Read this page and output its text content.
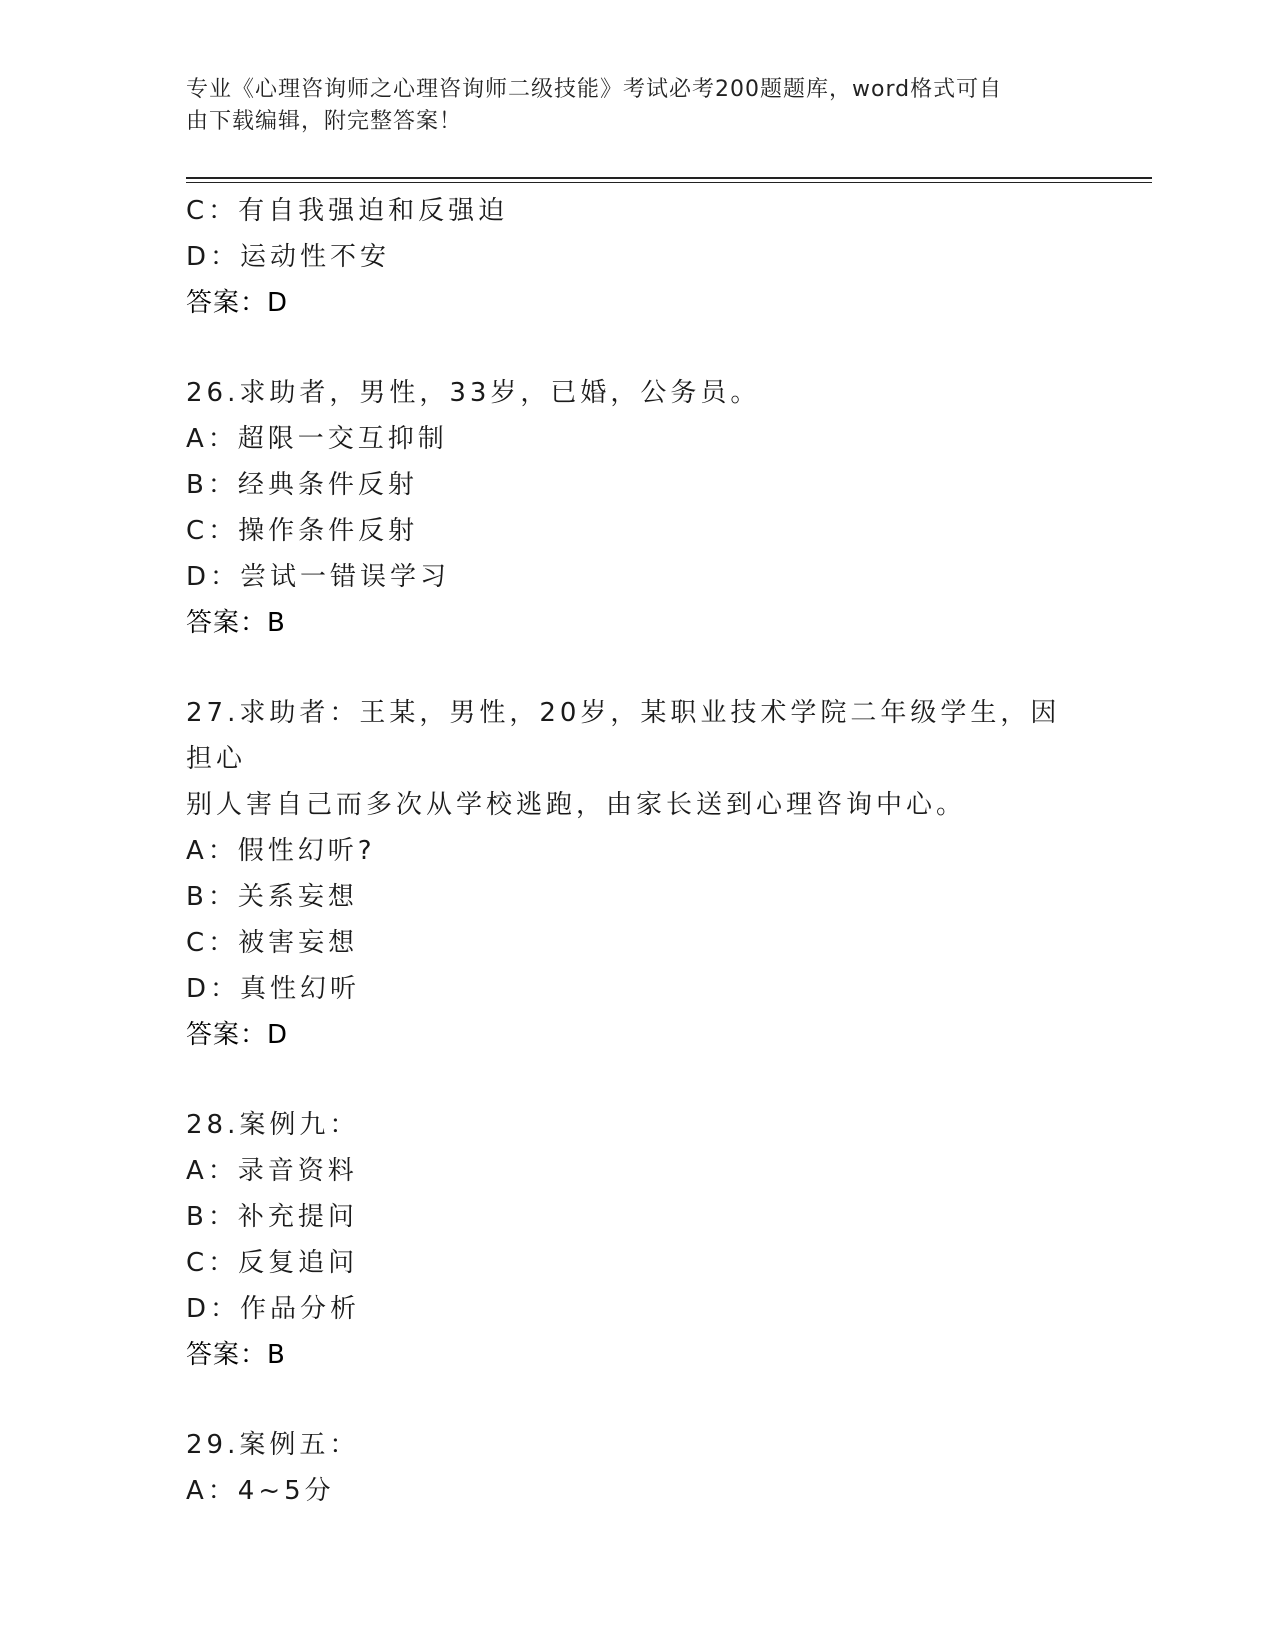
专业《心理咨询师之心理咨询师二级技能》考试必考200题题库，word格式可自
由下载编辑，附完整答案！
C：有自我强迫和反强迫
D：运动性不安
答案：D
26.求助者，男性，33岁，已婚，公务员。
A：超限一交互抑制
B：经典条件反射
C：操作条件反射
D：尝试一错误学习
答案：B
27.求助者：王某，男性，20岁，某职业技术学院二年级学生，因担心
别人害自己而多次从学校逃跑，由家长送到心理咨询中心。
A：假性幻听?
B：关系妄想
C：被害妄想
D：真性幻听
答案：D
28.案例九：
A：录音资料
B：补充提问
C：反复追问
D：作品分析
答案：B
29.案例五：
A：4~5分
